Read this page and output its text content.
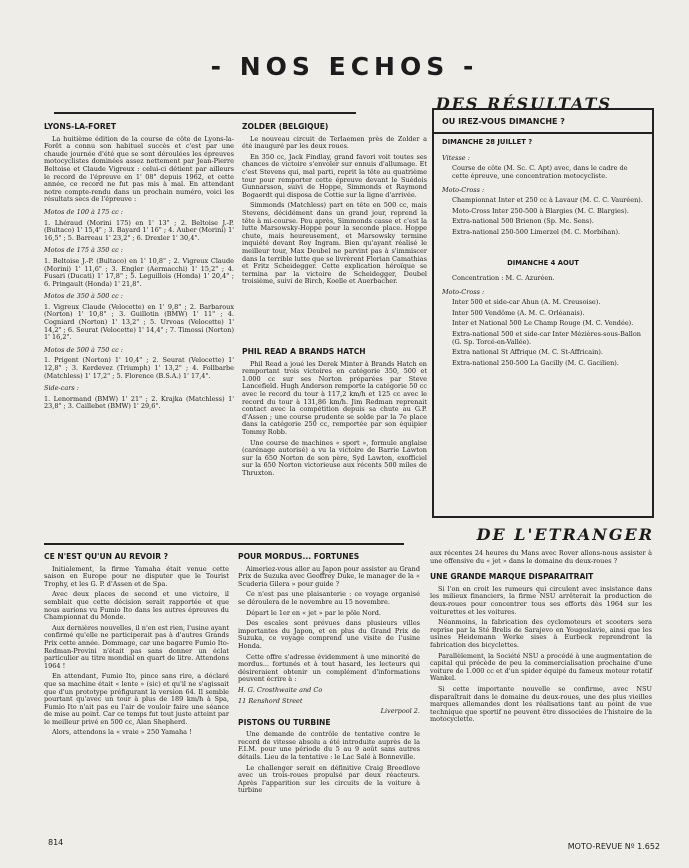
- NOS ECHOS -
DES RÉSULTATS
LYONS-LA-FORET

La huitième édition de la course de côte de Lyons-la-Forêt a connu son habituel succès et c'est par une chaude journée d'été que se sont déroulées les épreuves motocyclistes dominées assez nettement par Jean-Pierre Beltoise et Claude Vigreux : celui-ci détient par ailleurs le record de l'épreuve en 1' 08" depuis 1962, et cette année, ce record ne fut pas mis à mal. En attendant notre compte-rendu dans un prochain numéro, voici les résultats secs de l'épreuve :

Motos de 100 à 175 cc :

1. Lhéraud (Morini 175) en 1' 13" ; 2. Beltoise J.-P. (Bultaco) 1' 15,4" ; 3. Bayard 1' 16" ; 4. Auber (Morini) 1' 16,5" ; 5. Barreau 1' 23,2" ; 6. Drexler 1' 30,4".

Motos de 175 à 350 cc :

1. Beltoise J.-P. (Bultaco) en 1' 10,8" ; 2. Vigreux Claude (Morini) 1' 11,6" ; 3. Engler (Aermacchi) 1' 15,2" ; 4. Fusari (Ducati) 1' 17,8" ; 5. Leguillois (Honda) 1' 20,4" ; 6. Pringault (Honda) 1' 21,8".

Motos de 350 à 500 cc :

1. Vigreux Claude (Velocette) en 1' 9,8" ; 2. Barbaroux (Norton) 1' 10,8" ; 3. Guillotin (BMW) 1' 11" ; 4. Cogniard (Norton) 1' 13,2" ; 5. Urvoas (Velocette) 1' 14,2" ; 6. Seurat (Velocette) 1' 14,4" ; 7. Timossi (Norton) 1' 16,2".

Motos de 500 à 750 cc :

1. Prigent (Norton) 1' 10,4" ; 2. Seurat (Velocette) 1' 12,8" ; 3. Kerdevez (Triumph) 1' 13,2" ; 4. Follbarbe (Matchless) 1' 17,2" ; 5. Florence (B.S.A.) 1' 17,4".

Side-cars :

1. Lenormand (BMW) 1' 21" ; 2. Krajka (Matchless) 1' 23,8" ; 3. Caillebet (BMW) 1' 29,6".

ZOLDER (BELGIQUE)

Le nouveau circuit de Terlaemen près de Zolder a été inauguré par les deux roues.

En 350 cc, Jack Findlay, grand favori voit toutes ses chances de victoire s'envoler sur ennuis d'allumage. Et c'est Stevens qui, mal parti, reprit la tête au quatrième tour pour remporter cette épreuve devant le Suédois Gunnarsson, suivi de Hoppe, Simmonds et Raymond Bogaerdt qui disposa de Cottie sur la ligne d'arrivée.

Simmonds (Matchless) part en tête en 500 cc, mais Stevens, décidément dans un grand jour, reprend la tête à mi-course. Peu après, Simmonds casse et c'est la lutte Marsowsky-Hoppe pour la seconde place. Hoppe chute, mais heureusement, et Marsowsky termine inquiété devant Roy Ingram. Bien qu'ayant réalisé le meilleur tour, Max Deubel ne parvint pas à s'immiscer dans la terrible lutte que se livrèrent Florian Camathias et Fritz Scheidegger. Cette explication héroïque se termina par la victoire de Scheidegger, Deubel troisième, suivi de Birch, Koelle et Auerbacher.

PHIL READ A BRANDS HATCH

Phil Read a joué les Derek Minter à Brands Hatch en remportant trois victoires en catégorie 350, 500 et 1.000 cc sur ses Norton préparées par Steve Lancefield. Hugh Anderson remporte la catégorie 50 cc avec le record du tour à 117,2 km/h et 125 cc avec le record du tour à 131,86 km/h. Jim Redman reprenait contact avec la compétition depuis sa chute au G.P. d'Assen ; une course prudente se solde par la 7e place dans la catégorie 250 cc, remportée par son équipier Tommy Robb.

Une course de machines « sport », formule anglaise (carénage autorisé) a vu la victoire de Barrie Lawton sur la 650 Norton de son père, Syd Lawton, exofficiel sur la 650 Norton victorieuse aux récents 500 miles de Thruxton.

OU IREZ-VOUS DIMANCHE ?
DIMANCHE 28 JUILLET ?
Vitesse :
Course de côte (M. Sc. C. Apt) avec, dans le cadre de cette épreuve, une concentration motocycliste.
Moto-Cross :
Championnat Inter et 250 cc à Lavaur (M. C. C. Vauréen).
Moto-Cross Inter 250-500 à Blargies (M. C. Blargies).
Extra-national 500 Brienon (Sp. Mc. Sens).
Extra-national 250-500 Limerzel (M. C. Morbihan).
DIMANCHE 4 AOUT
Concentration : M. C. Azuréen.
Moto-Cross :
Inter 500 et side-car Ahun (A. M. Creusoise).
Inter 500 Vendôme (A. M. C. Orléanais).
Inter et National 500 Le Champ Rouge (M. C. Vendée).
Extra-national 500 et side-car Inter Mézières-sous-Ballon (G. Sp. Torcé-en-Vallée).
Extra national St Affrique (M. C. St-Affricain).
Extra-national 250-500 La Gacilly (M. C. Gacilien).
DE L'ETRANGER
CE N'EST QU'UN AU REVOIR ?

Initialement, la firme Yamaha était venue cette saison en Europe pour ne disputer que le Tourist Trophy, et les G. P. d'Assen et de Spa.

Avec deux places de second et une victoire, il semblait que cette décision serait rapportée et que nous aurions vu Fumio Ito dans les autres épreuves du Championnat du Monde.

Aux dernières nouvelles, il n'en est rien, l'usine ayant confirmé qu'elle ne participerait pas à d'autres Grands Prix cette année. Dommage, car une bagarre Fumio Ito-Redman-Provini n'était pas sans donner un éclat particulier au titre mondial en quart de litre. Attendons 1964 !

En attendant, Fumio Ito, pince sans rire, a déclaré que sa machine était « lente » (sic) et qu'il ne s'agissait que d'un prototype préfigurant la version 64. Il semble pourtant qu'avec un tour à plus de 189 km/h à Spa, Fumio Ito n'ait pas eu l'air de vouloir faire une séance de mise au point. Car ce temps fut tout juste atteint par le meilleur privé en 500 cc, Alan Shepherd.

Alors, attendons la « vraie » 250 Yamaha !

POUR MORDUS... FORTUNES

Aimeriez-vous aller au Japon pour assister au Grand Prix de Suzuka avec Geoffrey Duke, le manager de la « Scuderia Gilera » pour guide ?

Ce n'est pas une plaisanterie : ce voyage organisé se déroulera de le novembre au 15 novembre.

Départ le 1er en « jet » par le pôle Nord.

Des escales sont prévues dans plusieurs villes importantes du Japon, et en plus du Grand Prix de Suzuka, ce voyage comprend une visite de l'usine Honda.

Cette offre s'adresse évidemment à une minorité de mordus... fortunés et à tout hasard, les lecteurs qui désireraient obtenir un complément d'informations peuvent écrire à :

H. G. Crosthwaite and Co

11 Renshord Street

Liverpool 2.

PISTONS OU TURBINE

Une demande de contrôle de tentative contre le record de vitesse absolu a été introduite auprès de la F.I.M. pour une période du 5 au 9 août sans autres détails. Lieu de la tentative : le Lac Salé à Bonneville.

Le challenger serait en définitive Craig Breedlove avec un trois-roues propulsé par deux réacteurs. Après l'apparition sur les circuits de la voiture à turbine

aux récentes 24 heures du Mans avec Rover allons-nous assister à une offensive du « jet » dans le domaine du deux-roues ?

UNE GRANDE MARQUE DISPARAITRAIT

Si l'on en croit les rumeurs qui circulent avec insistance dans les milieux financiers, la firme NSU arrêterait la production de deux-roues pour concentrer tous ses efforts dès 1964 sur les voiturettes et les voitures.

Néanmoins, la fabrication des cyclomoteurs et scooters sera reprise par la Sté Brelis de Sarajevo en Yougoslavie, ainsi que les usines Heidemann Werke sises à Eurbeck reprendront la fabrication des bicyclettes.

Parallèlement, la Société NSU a procédé à une augmentation de capital qui précède de peu la commercialisation prochaine d'une voiture de 1.000 cc et d'un spider équipé du fameux moteur rotatif Wankel.

Si cette importante nouvelle se confirme, avec NSU disparaîtrait dans le domaine du deux-roues, une des plus vieilles marques allemandes dont les réalisations tant au point de vue technique que sportif ne peuvent être dissociées de l'histoire de la motocyclette.

814	MOTO-REVUE Nº 1.652
